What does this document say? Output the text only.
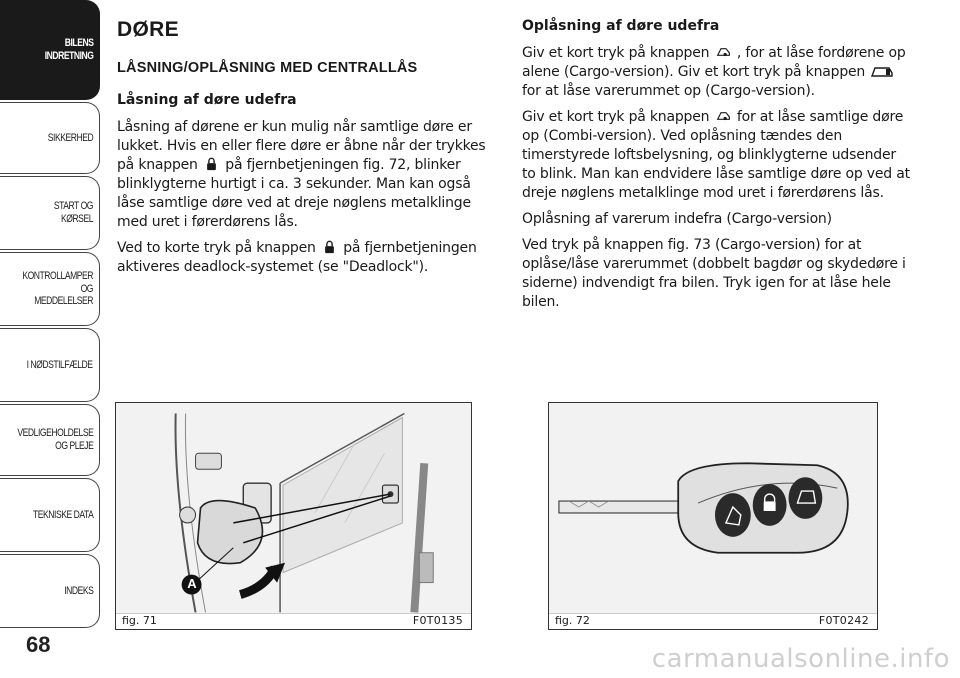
BILENS
INDRETNING
SIKKERHED
START OG KØRSEL
KONTROLLAMPER
OG MEDDELELSER
I NØDSTILFÆLDE
VEDLIGEHOLDELSE
OG PLEJE
TEKNISKE DATA
INDEKS
68
DØRE
LÅSNING/OPLÅSNING MED CENTRALLÅS
Låsning af døre udefra

Låsning af dørene er kun mulig når samtlige døre er lukket. Hvis en eller flere døre er åbne når der trykkes på knappen på fjernbetjeningen fig. 72, blinker blinklygterne hurtigt i ca. 3 sekunder. Man kan også låse samtlige døre ved at dreje nøglens metalklinge med uret i førerdørens lås.

Ved to korte tryk på knappen på fjernbetjeningen aktiveres deadlock-systemet (se "Deadlock").

Oplåsning af døre udefra

Giv et kort tryk på knappen , for at låse fordørene op alene (Cargo-version). Giv et kort tryk på knappen  for at låse varerummet op (Cargo-version).

Giv et kort tryk på knappen for at låse samtlige døre op (Combi-version). Ved oplåsning tændes den timerstyrede loftsbelysning, og blinklygterne udsender to blink. Man kan endvidere låse samtlige døre op ved at dreje nøglens metalklinge mod uret i førerdørens lås.

Oplåsning af varerum indefra (Cargo-version)

Ved tryk på knappen fig. 73 (Cargo-version) for at oplåse/låse varerummet (dobbelt bagdør og skydedøre i siderne) indvendigt fra bilen. Tryk igen for at låse hele bilen.

A
fig. 71	F0T0135	fig. 72	F0T0242
carmanualsonline.info
